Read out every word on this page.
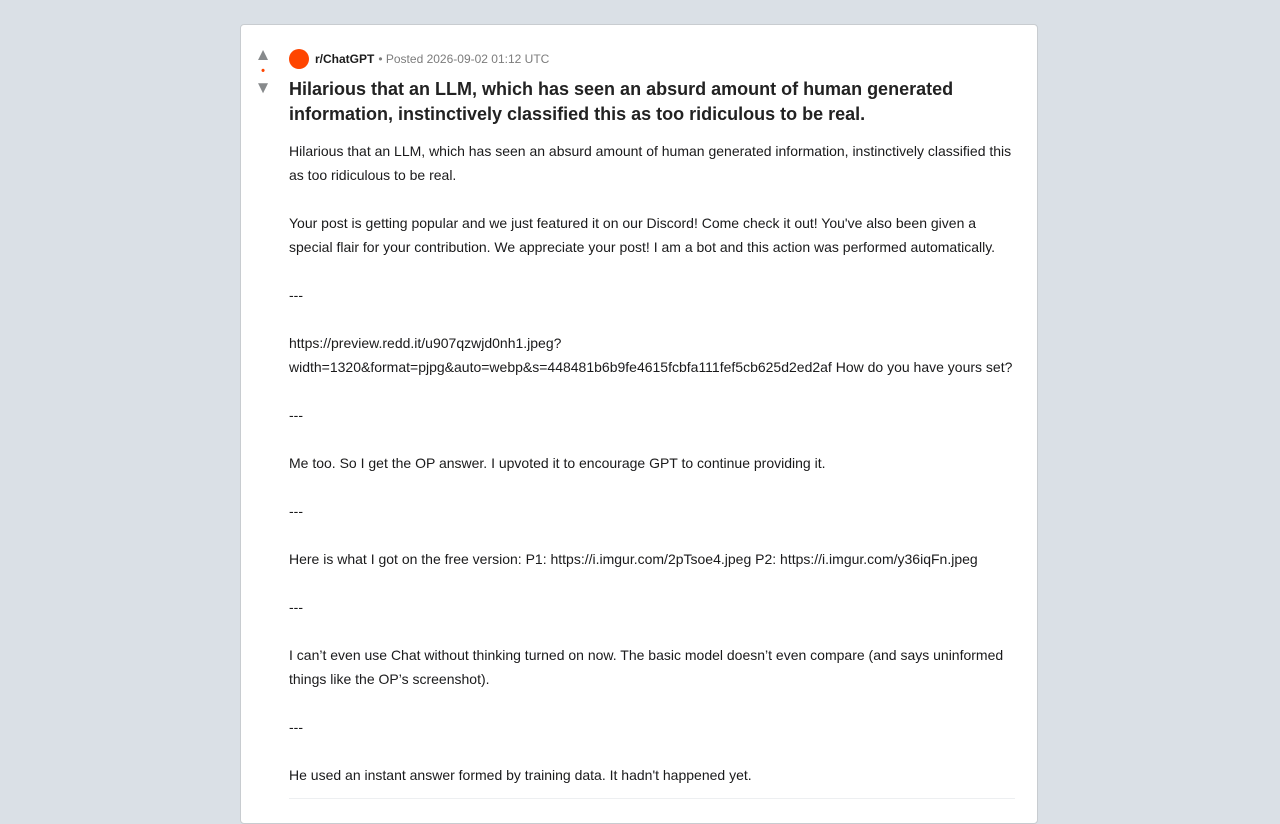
▲
•
▼
r/ChatGPT • Posted 2026-09-02 01:12 UTC
Hilarious that an LLM, which has seen an absurd amount of human generated information, instinctively classified this as too ridiculous to be real.

Hilarious that an LLM, which has seen an absurd amount of human generated information, instinctively classified this as too ridiculous to be real.

Your post is getting popular and we just featured it on our Discord! Come check it out! You've also been given a special flair for your contribution. We appreciate your post! I am a bot and this action was performed automatically.

---

https://preview.redd.it/u907qzwjd0nh1.jpeg?width=1320&format=pjpg&auto=webp&s=448481b6b9fe4615fcbfa111fef5cb625d2ed2af How do you have yours set?

---

Me too. So I get the OP answer. I upvoted it to encourage GPT to continue providing it.

---

Here is what I got on the free version: P1: https://i.imgur.com/2pTsoe4.jpeg P2: https://i.imgur.com/y36iqFn.jpeg

---

I can’t even use Chat without thinking turned on now. The basic model doesn’t even compare (and says uninformed things like the OP’s screenshot).

---

He used an instant answer formed by training data. It hadn't happened yet.
